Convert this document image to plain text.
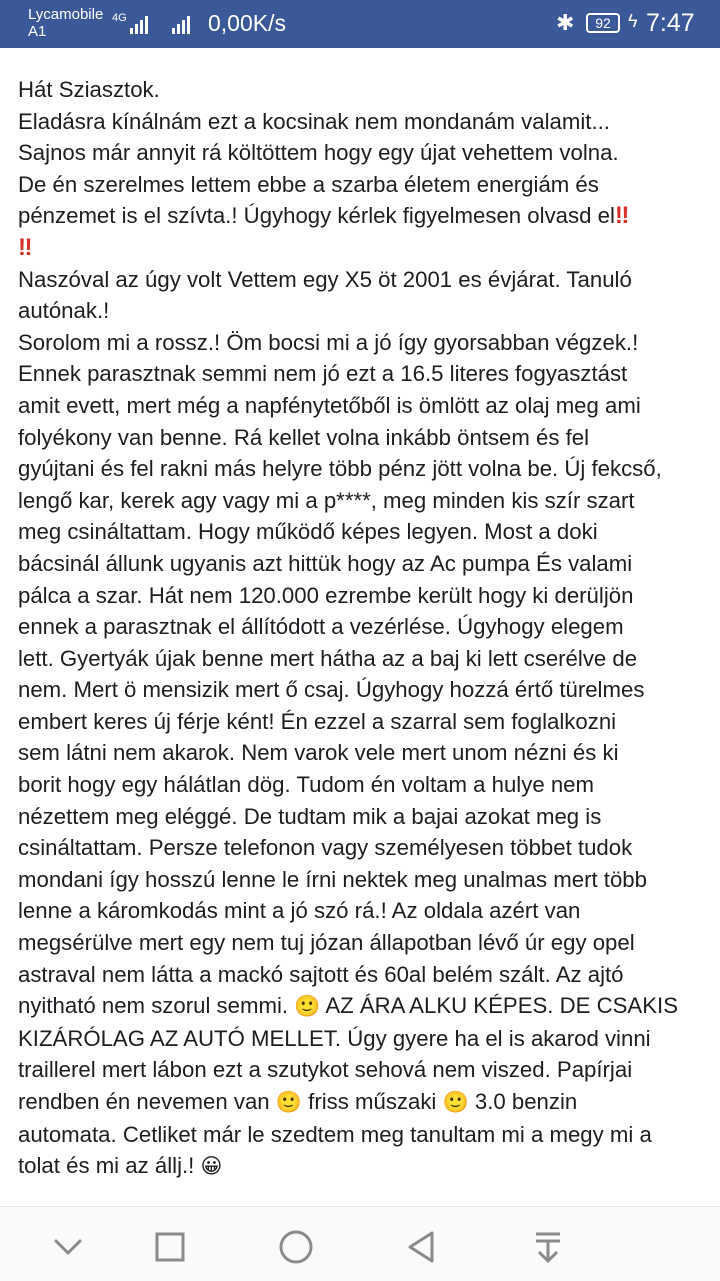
Lycamobile
A1
4G	0,00K/s	✱	92 ϟ 7:47
Hát Sziasztok.
Eladásra kínálnám ezt a kocsinak nem mondanám valamit...
Sajnos már annyit rá költöttem hogy egy újat vehettem volna.
De én szerelmes lettem ebbe a szarba életem energiám és
pénzemet is el szívta.! Úgyhogy kérlek figyelmesen olvasd el‼
‼
Naszóval az úgy volt Vettem egy X5 öt 2001 es évjárat. Tanuló
autónak.!
Sorolom mi a rossz.! Öm bocsi mi a jó így gyorsabban végzek.!
Ennek parasztnak semmi nem jó ezt a 16.5 literes fogyasztást
amit evett, mert még a napfénytetőből is ömlött az olaj meg ami
folyékony van benne. Rá kellet volna inkább öntsem és fel
gyújtani és fel rakni más helyre több pénz jött volna be. Új fekcső,
lengő kar, kerek agy vagy mi a p****, meg minden kis szír szart
meg csináltattam. Hogy működő képes legyen. Most a doki
bácsinál állunk ugyanis azt hittük hogy az Ac pumpa És valami
pálca a szar. Hát nem 120.000 ezrembe került hogy ki derüljön
ennek a parasztnak el állítódott a vezérlése. Úgyhogy elegem
lett. Gyertyák újak benne mert hátha az a baj ki lett cserélve de
nem. Mert ö mensizik mert ő csaj. Úgyhogy hozzá értő türelmes
embert keres új férje ként! Én ezzel a szarral sem foglalkozni
sem látni nem akarok. Nem varok vele mert unom nézni és ki
borit hogy egy hálátlan dög. Tudom én voltam a hulye nem
nézettem meg eléggé. De tudtam mik a bajai azokat meg is
csináltattam. Persze telefonon vagy személyesen többet tudok
mondani így hosszú lenne le írni nektek meg unalmas mert több
lenne a káromkodás mint a jó szó rá.! Az oldala azért van
megsérülve mert egy nem tuj józan állapotban lévő úr egy opel
astraval nem látta a mackó sajtott és 60al belém szált. Az ajtó
nyitható nem szorul semmi. 🙂 AZ ÁRA ALKU KÉPES. DE CSAKIS
KIZÁRÓLAG AZ AUTÓ MELLET. Úgy gyere ha el is akarod vinni
traillerel mert lábon ezt a szutykot sehová nem viszed. Papírjai
rendben én nevemen van 🙂 friss műszaki 🙂 3.0 benzin
automata. Cetliket már le szedtem meg tanultam mi a megy mi a
tolat és mi az állj.! 😀
